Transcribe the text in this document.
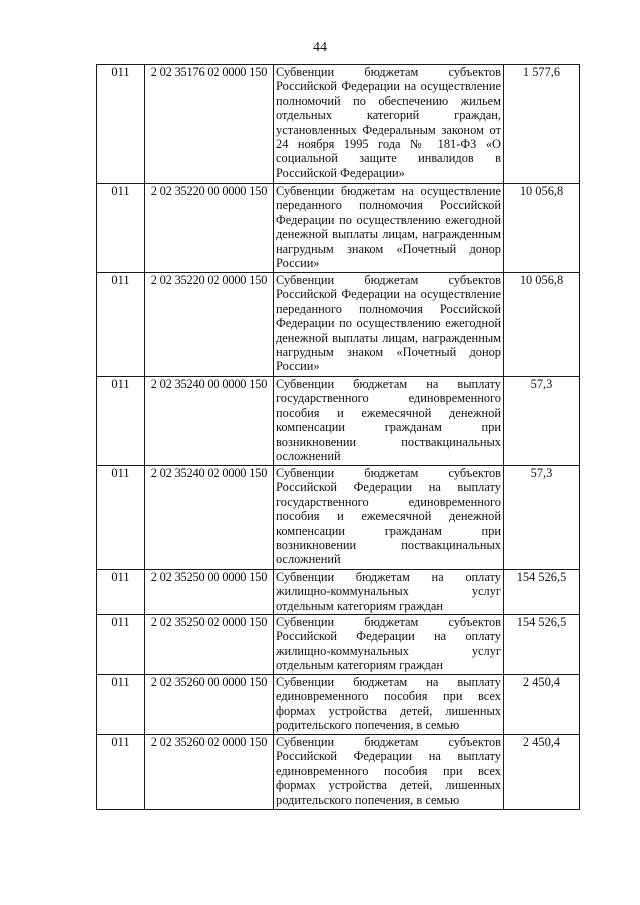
44
011	2 02 35176 02 0000 150	Субвенции бюджетам субъектов Российской Федерации на осуществление полномочий по обеспечению жильем отдельных категорий граждан, установленных Федеральным законом от 24 ноября 1995 года № 181-ФЗ «О социальной защите инвалидов в Российской Федерации»	1 577,6
011	2 02 35220 00 0000 150	Субвенции бюджетам на осуществление переданного полномочия Российской Федерации по осуществлению ежегодной денежной выплаты лицам, награжденным нагрудным знаком «Почетный донор России»	10 056,8
011	2 02 35220 02 0000 150	Субвенции бюджетам субъектов Российской Федерации на осуществление переданного полномочия Российской Федерации по осуществлению ежегодной денежной выплаты лицам, награжденным нагрудным знаком «Почетный донор России»	10 056,8
011	2 02 35240 00 0000 150	Субвенции бюджетам на выплату государственного единовременного пособия и ежемесячной денежной компенсации гражданам при возникновении поствакцинальных осложнений	57,3
011	2 02 35240 02 0000 150	Субвенции бюджетам субъектов Российской Федерации на выплату государственного единовременного пособия и ежемесячной денежной компенсации гражданам при возникновении поствакцинальных осложнений	57,3
011	2 02 35250 00 0000 150	Субвенции бюджетам на оплату жилищно-коммунальных услуг отдельным категориям граждан	154 526,5
011	2 02 35250 02 0000 150	Субвенции бюджетам субъектов Российской Федерации на оплату жилищно-коммунальных услуг отдельным категориям граждан	154 526,5
011	2 02 35260 00 0000 150	Субвенции бюджетам на выплату единовременного пособия при всех формах устройства детей, лишенных родительского попечения, в семью	2 450,4
011	2 02 35260 02 0000 150	Субвенции бюджетам субъектов Российской Федерации на выплату единовременного пособия при всех формах устройства детей, лишенных родительского попечения, в семью	2 450,4
